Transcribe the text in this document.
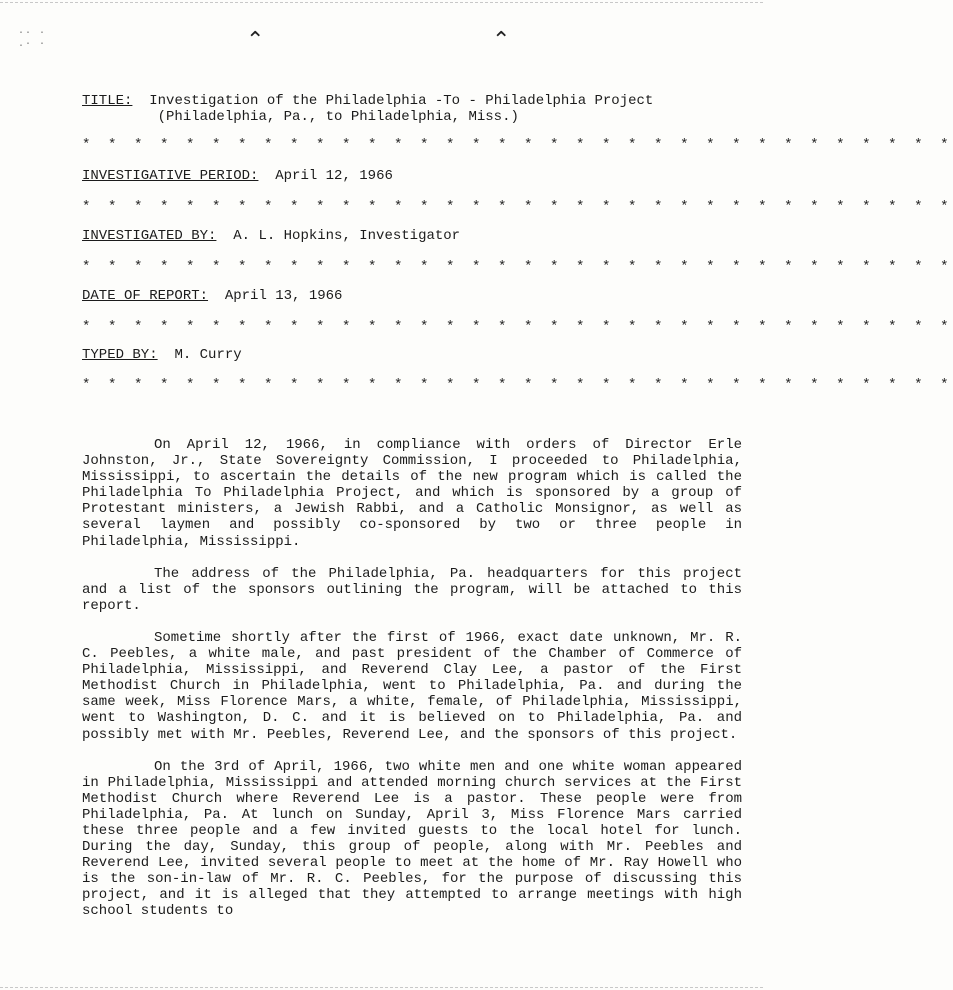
·· ·
.· ·	⌃	⌃
TITLE: Investigation of the Philadelphia -To - Philadelphia Project
(Philadelphia, Pa., to Philadelphia, Miss.)
* * * * * * * * * * * * * * * * * * * * * * * * * * * * * * * * * *
INVESTIGATIVE PERIOD: April 12, 1966
* * * * * * * * * * * * * * * * * * * * * * * * * * * * * * * * * *
INVESTIGATED BY: A. L. Hopkins, Investigator
* * * * * * * * * * * * * * * * * * * * * * * * * * * * * * * * * *
DATE OF REPORT: April 13, 1966
* * * * * * * * * * * * * * * * * * * * * * * * * * * * * * * * * *
TYPED BY: M. Curry
* * * * * * * * * * * * * * * * * * * * * * * * * * * * * * * * * *

On April 12, 1966, in compliance with orders of Director Erle Johnston, Jr., State Sovereignty Commission, I proceeded to Philadelphia, Mississippi, to ascertain the details of the new program which is called the Philadelphia To Philadelphia Project, and which is sponsored by a group of Protestant ministers, a Jewish Rabbi, and a Catholic Monsignor, as well as several laymen and possibly co-sponsored by two or three people in Philadelphia, Mississippi.

The address of the Philadelphia, Pa. headquarters for this project and a list of the sponsors outlining the program, will be attached to this report.

Sometime shortly after the first of 1966, exact date unknown, Mr. R. C. Peebles, a white male, and past president of the Chamber of Commerce of Philadelphia, Mississippi, and Reverend Clay Lee, a pastor of the First Methodist Church in Philadelphia, went to Philadelphia, Pa. and during the same week, Miss Florence Mars, a white, female, of Philadelphia, Mississippi, went to Washington, D. C. and it is believed on to Philadelphia, Pa. and possibly met with Mr. Peebles, Reverend Lee, and the sponsors of this project.

On the 3rd of April, 1966, two white men and one white woman appeared in Philadelphia, Mississippi and attended morning church services at the First Methodist Church where Reverend Lee is a pastor. These people were from Philadelphia, Pa. At lunch on Sunday, April 3, Miss Florence Mars carried these three people and a few invited guests to the local hotel for lunch. During the day, Sunday, this group of people, along with Mr. Peebles and Reverend Lee, invited several people to meet at the home of Mr. Ray Howell who is the son-in-law of Mr. R. C. Peebles, for the purpose of discussing this project, and it is alleged that they attempted to arrange meetings with high school students to
